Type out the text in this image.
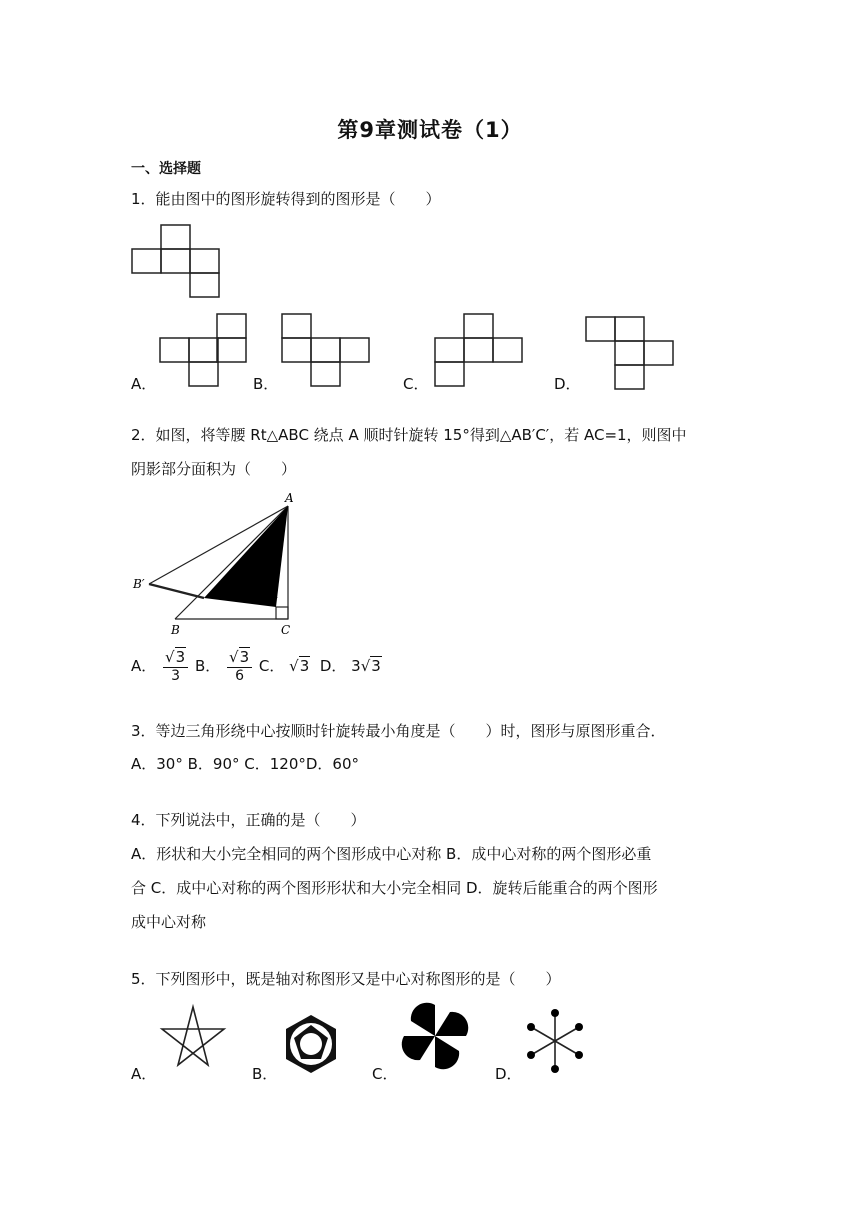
第9章测试卷（1）
一、选择题
1．能由图中的图形旋转得到的图形是（　　）
A．	B．	C．	D．
2．如图，将等腰 Rt△ABC 绕点 A 顺时针旋转 15°得到△AB′C′，若 AC=1，则图中
阴影部分面积为（　　）
A
B	C
B′
C′
A． $\frac{√3}{3}$ B． $\frac{√3}{6}$ C． √3 D． 3√3
3．等边三角形绕中心按顺时针旋转最小角度是（　　）时，图形与原图形重合．
A．30° B．90° C．120°D．60°
4．下列说法中，正确的是（　　）
A．形状和大小完全相同的两个图形成中心对称 B．成中心对称的两个图形必重
合 C．成中心对称的两个图形形状和大小完全相同 D．旋转后能重合的两个图形
成中心对称
5．下列图形中，既是轴对称图形又是中心对称图形的是（　　）
A．	B．	C．	D．
